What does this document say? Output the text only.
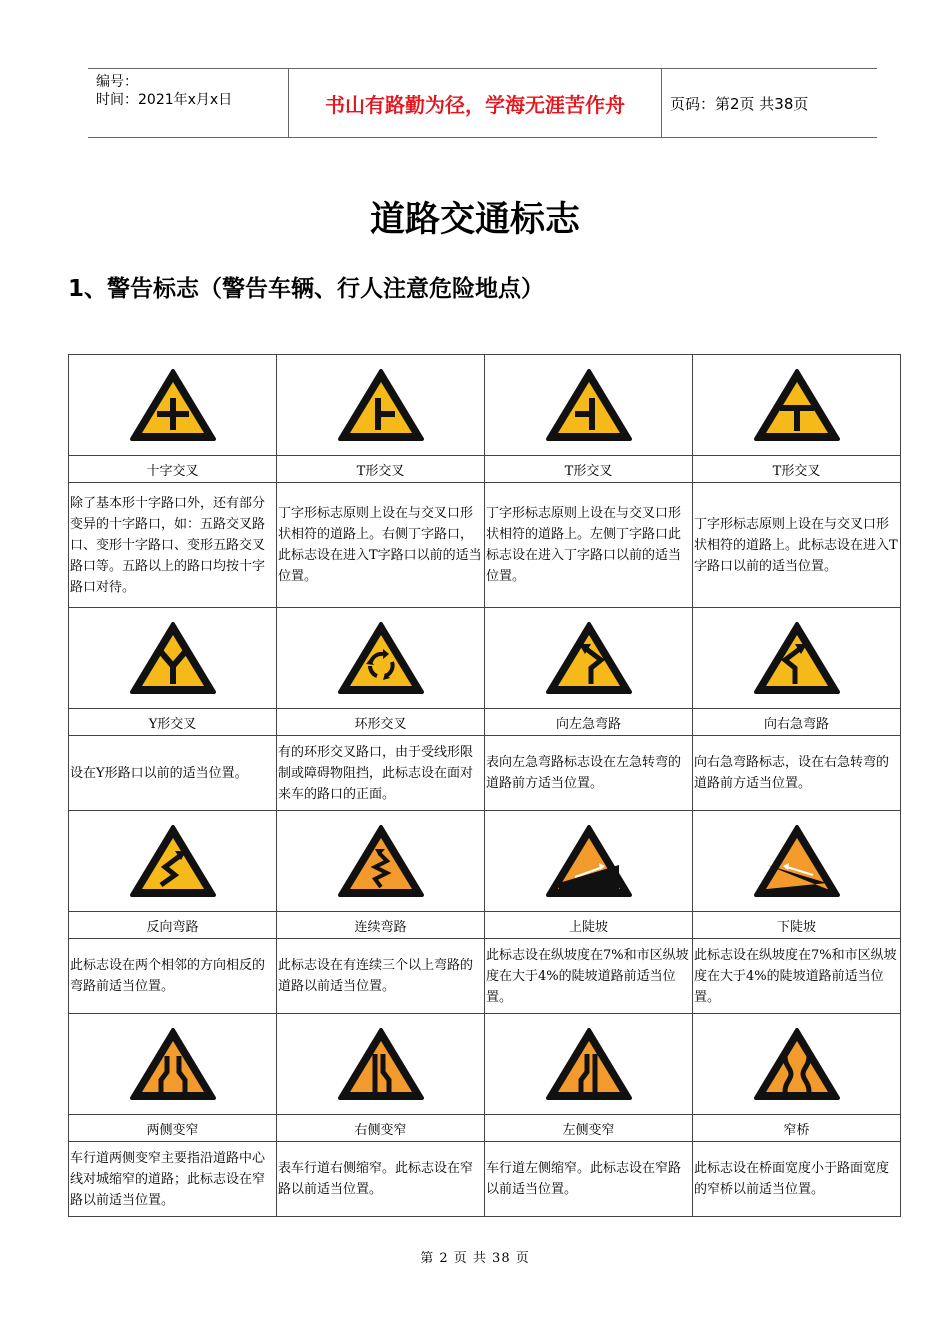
编号：
时间：2021年x月x日	书山有路勤为径，学海无涯苦作舟	页码：第2页 共38页
道路交通标志
1、警告标志（警告车辆、行人注意危险地点）

十字交叉	T形交叉	T形交叉	T形交叉
除了基本形十字路口外，还有部分变异的十字路口，如：五路交叉路口、变形十字路口、变形五路交叉路口等。五路以上的路口均按十字路口对待。	丁字形标志原则上设在与交叉口形状相符的道路上。右侧丁字路口，此标志设在进入T字路口以前的适当位置。	丁字形标志原则上设在与交叉口形状相符的道路上。左侧丁字路口此标志设在进入丁字路口以前的适当位置。	丁字形标志原则上设在与交叉口形状相符的道路上。此标志设在进入T字路口以前的适当位置。

Y形交叉	环形交叉	向左急弯路	向右急弯路
设在Y形路口以前的适当位置。	有的环形交叉路口，由于受线形限制或障碍物阻挡，此标志设在面对来车的路口的正面。	表向左急弯路标志设在左急转弯的道路前方适当位置。	向右急弯路标志，设在右急转弯的道路前方适当位置。

反向弯路	连续弯路	上陡坡	下陡坡
此标志设在两个相邻的方向相反的弯路前适当位置。	此标志设在有连续三个以上弯路的道路以前适当位置。	此标志设在纵坡度在7%和市区纵坡度在大于4%的陡坡道路前适当位置。	此标志设在纵坡度在7%和市区纵坡度在大于4%的陡坡道路前适当位置。

两侧变窄	右侧变窄	左侧变窄	窄桥
车行道两侧变窄主要指沿道路中心线对城缩窄的道路；此标志设在窄路以前适当位置。	表车行道右侧缩窄。此标志设在窄路以前适当位置。	车行道左侧缩窄。此标志设在窄路以前适当位置。	此标志设在桥面宽度小于路面宽度的窄桥以前适当位置。
第 2 页 共 38 页
